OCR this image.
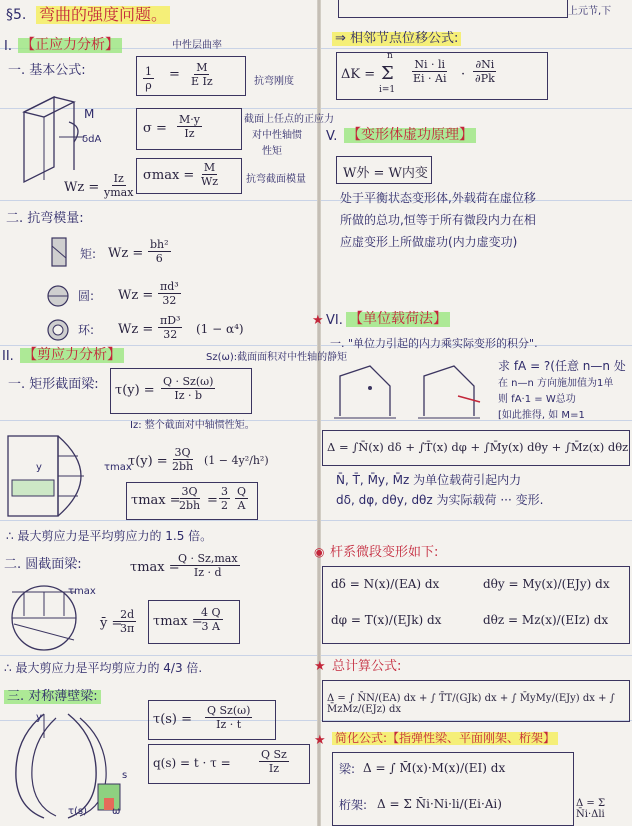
§5. 弯曲的强度问题。
I. 【正应力分析】
一. 基本公式:
中性层曲率
$\frac{1}{\rho} = \frac{M}{\text{E Iz}}$	抗弯刚度
M
δdA
$\sigma = \frac{M\cdot y}{Iz}$	截面上任点的正应力
对中性轴惯
性矩
$\sigma\max = \frac{M}{Wz}$	抗弯截面模量
$Wz = \frac{Iz}{ymax}$
二. 抗弯模量:
矩: $Wz = \frac{\text{bh²}}{6}$
圆: $Wz = \frac{\text{πd³}}{32}$
环: $Wz = \frac{\text{πD³}}{32} (1 - \alpha^4)$
II. 【剪应力分析】	Sz(ω):截面面积对中性轴的静矩
一. 矩形截面梁: $\tau(y) = \frac{Q \cdot Sz(\omega)}{Iz \cdot b}$
Iz: 整个截面对中轴惯性矩。
y	τmax
$\tau(y) = \frac{3Q}{2bh} (1 - 4y^2/h^2)$
τmax =
$\frac{3Q}{2bh} = \frac{3}{2} \frac{Q}{A}$
∴ 最大剪应力是平均剪应力的 1.5 倍。
二. 圆截面梁:	τmax =
$\frac{Q \cdot Sz,\max}{Iz \cdot d}$
τmax
ȳ =
$\frac{2d}{3\pi}$ τmax =
$\frac{4 Q}{3 A}$
∴ 最大剪应力是平均剪应力的 4/3 倍.
三. 对称薄壁梁:
y
τ(s) ω
s
$\tau(s) = \frac{\text{Q Sz(ω)}}{Iz \cdot t}$
q(s) = t · τ =	$\frac{\text{Q Sz}}{Iz}$
上元节,下
⇒ 相邻节点位移公式:
ΔK =
n
Σ
i=1
$\frac{Ni \cdot li}{Ei \cdot Ai} \cdot \frac{\partial Ni}{\partial Pk}$
V. 【变形体虚功原理】
W外 = W内变
处于平衡状态变形体,外载荷在虚位移
所做的总功,恒等于所有微段内力在相
应虚变形上所做虚功(内力虚变功)
★ VI. 【单位载荷法】
一. "单位力引起的内力乘实际变形的积分".
求 fA = ?(任意 n—n 处
在 n—n 方向施加值为1单
则 fA·1 = W总功
[如此推得, 如 M=1
Δ = ∫N̄(x) dδ + ∫T̄(x) dφ + ∫M̄y(x) dθy + ∫M̄z(x) dθz
N̄, T̄, M̄y, M̄z 为单位载荷引起内力
dδ, dφ, dθy, dθz 为实际载荷 ··· 变形.
◉ 杆系微段变形如下:
dδ = N(x)/(EA) dx	dθy = My(x)/(EJy) dx
dφ = T(x)/(EJk) dx	dθz = Mz(x)/(EIz) dx
★ 总计算公式:
Δ = ∫ N̄N/(EA) dx + ∫ T̄T/(GJk) dx + ∫ M̄yMy/(EJy) dx + ∫ M̄zMz/(EJz) dx
★ 简化公式:【指弹性梁、平面刚架、桁架】
梁: Δ = ∫ M̄(x)·M(x)/(EI) dx
桁架: Δ = Σ N̄i·Ni·li/(Ei·Ai)	Δ = Σ N̄i·Δli
